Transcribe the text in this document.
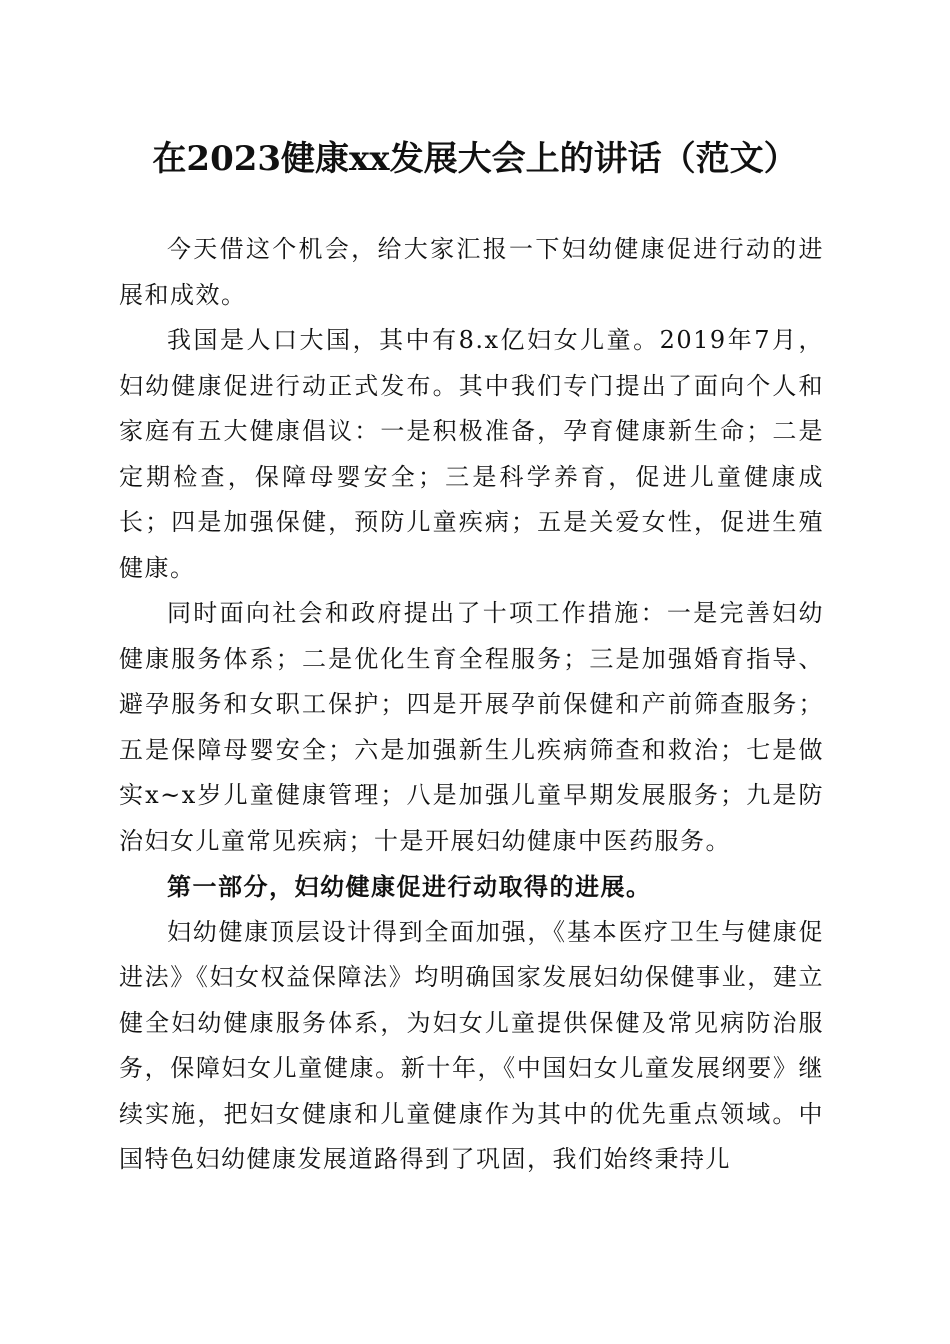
在2023健康xx发展大会上的讲话（范文）

今天借这个机会，给大家汇报一下妇幼健康促进行动的进展和成效。

我国是人口大国，其中有8.x亿妇女儿童。2019年7月，妇幼健康促进行动正式发布。其中我们专门提出了面向个人和家庭有五大健康倡议：一是积极准备，孕育健康新生命；二是定期检查，保障母婴安全；三是科学养育，促进儿童健康成长；四是加强保健，预防儿童疾病；五是关爱女性，促进生殖健康。

同时面向社会和政府提出了十项工作措施：一是完善妇幼健康服务体系；二是优化生育全程服务；三是加强婚育指导、避孕服务和女职工保护；四是开展孕前保健和产前筛查服务；五是保障母婴安全；六是加强新生儿疾病筛查和救治；七是做实x~x岁儿童健康管理；八是加强儿童早期发展服务；九是防治妇女儿童常见疾病；十是开展妇幼健康中医药服务。

第一部分，妇幼健康促进行动取得的进展。

妇幼健康顶层设计得到全面加强，《基本医疗卫生与健康促进法》《妇女权益保障法》均明确国家发展妇幼保健事业，建立健全妇幼健康服务体系，为妇女儿童提供保健及常见病防治服务，保障妇女儿童健康。新十年，《中国妇女儿童发展纲要》继续实施，把妇女健康和儿童健康作为其中的优先重点领域。中国特色妇幼健康发展道路得到了巩固，我们始终秉持儿
